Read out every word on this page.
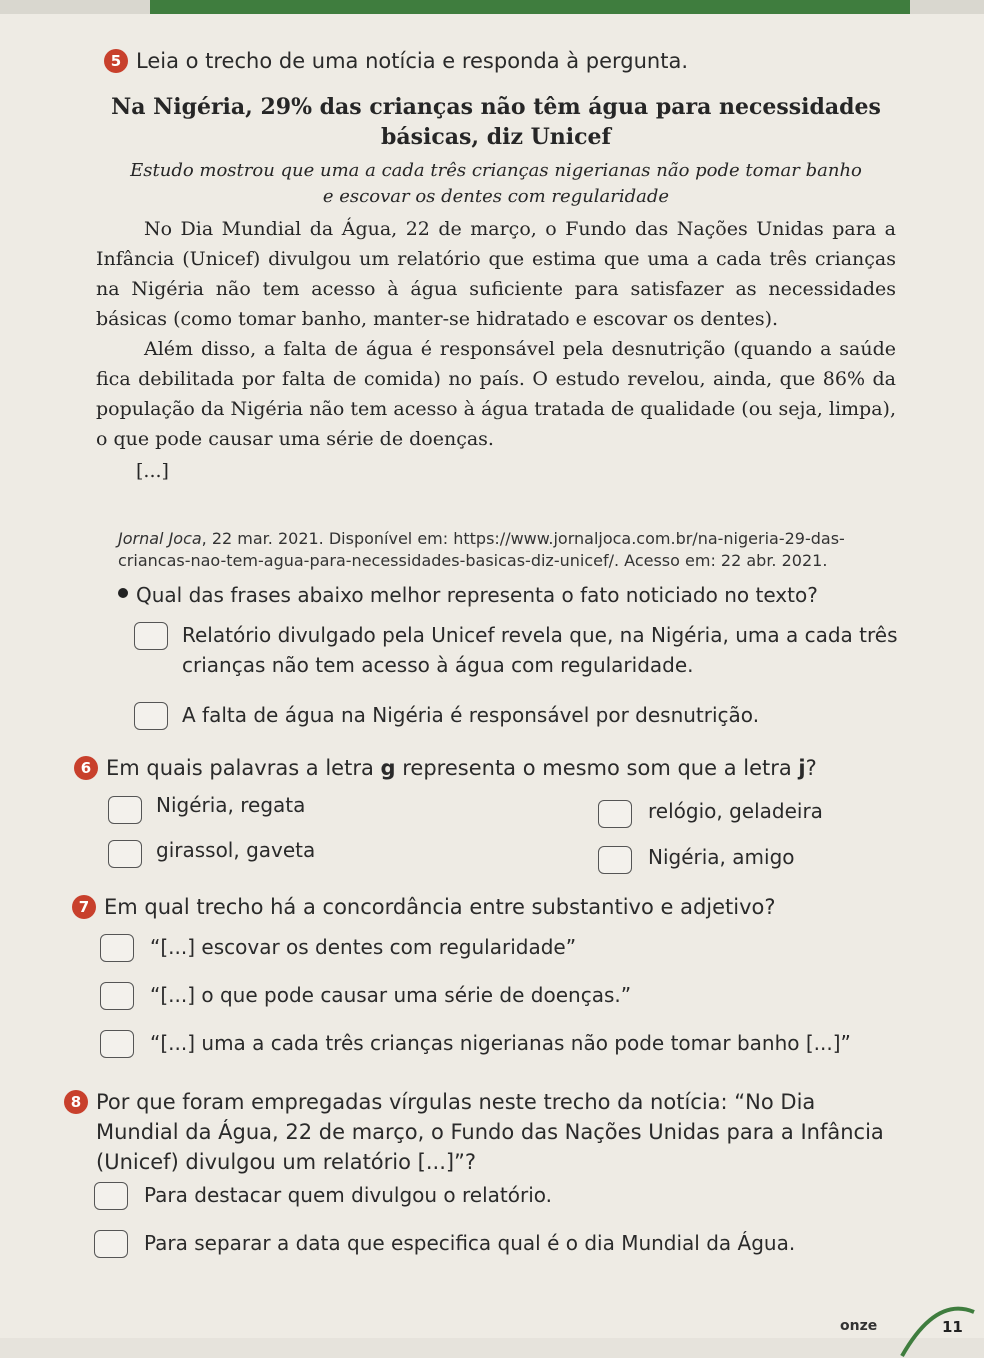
5 Leia o trecho de uma notícia e responda à pergunta.
Na Nigéria, 29% das crianças não têm água para necessidades básicas, diz Unicef
Estudo mostrou que uma a cada três crianças nigerianas não pode tomar banho e escovar os dentes com regularidade

No Dia Mundial da Água, 22 de março, o Fundo das Nações Unidas para a Infância (Unicef) divulgou um relatório que estima que uma a cada três crianças na Nigéria não tem acesso à água suficiente para satisfazer as necessidades básicas (como tomar banho, manter-se hidratado e escovar os dentes).

Além disso, a falta de água é responsável pela desnutrição (quando a saúde fica debilitada por falta de comida) no país. O estudo revelou, ainda, que 86% da população da Nigéria não tem acesso à água tratada de qualidade (ou seja, limpa), o que pode causar uma série de doenças.

[...]

Jornal Joca, 22 mar. 2021. Disponível em: https://www.jornaljoca.com.br/na-nigeria-29-das-criancas-nao-tem-agua-para-necessidades-basicas-diz-unicef/. Acesso em: 22 abr. 2021.
Qual das frases abaixo melhor representa o fato noticiado no texto?
Relatório divulgado pela Unicef revela que, na Nigéria, uma a cada três crianças não tem acesso à água com regularidade.
A falta de água na Nigéria é responsável por desnutrição.
6 Em quais palavras a letra g representa o mesmo som que a letra j?
Nigéria, regata	relógio, geladeira
girassol, gaveta	Nigéria, amigo
7 Em qual trecho há a concordância entre substantivo e adjetivo?
“[...] escovar os dentes com regularidade”
“[...] o que pode causar uma série de doenças.”
“[...] uma a cada três crianças nigerianas não pode tomar banho [...]”
8 Por que foram empregadas vírgulas neste trecho da notícia: “No Dia Mundial da Água, 22 de março, o Fundo das Nações Unidas para a Infância (Unicef) divulgou um relatório [...]”?
Para destacar quem divulgou o relatório.
Para separar a data que especifica qual é o dia Mundial da Água.
onze	11
